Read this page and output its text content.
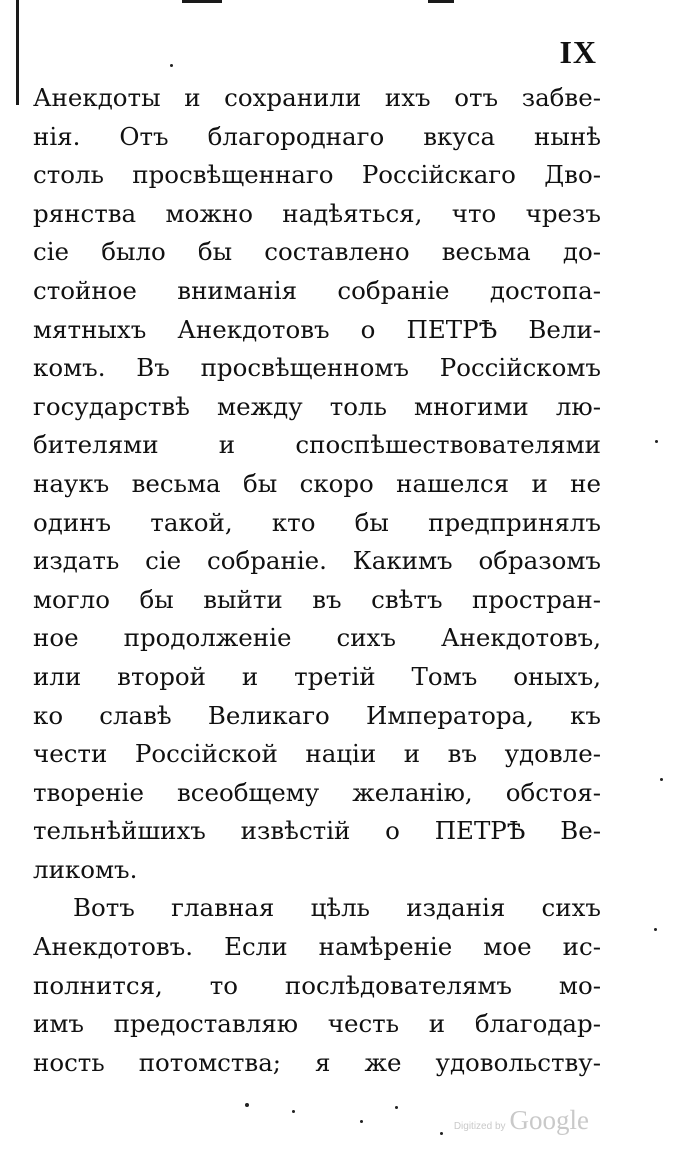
IX
Анекдоты и сохранили ихъ отъ забве-
нія. Отъ благороднаго вкуса нынѣ
столь просвѣщеннаго Россійскаго Дво-
рянства можно надѣяться, что чрезъ
сіе было бы составлено весьма до-
стойное вниманія собраніе достопа-
мятныхъ Анекдотовъ о ПЕТРѢ Вели-
комъ. Въ просвѣщенномъ Россійскомъ
государствѣ между толь многими лю-
бителями и споспѣшествователями
наукъ весьма бы скоро нашелся и не
одинъ такой, кто бы предпринялъ
издать сіе собраніе. Какимъ образомъ
могло бы выйти въ свѣтъ простран-
ное продолженіе сихъ Анекдотовъ,
или второй и третій Томъ оныхъ,
ко славѣ Великаго Императора, къ
чести Россійской націи и въ удовле-
твореніе всеобщему желанію, обстоя-
тельнѣйшихъ извѣстій о ПЕТРѢ Ве-
ликомъ.
Вотъ главная цѣль изданія сихъ
Анекдотовъ. Если намѣреніе мое ис-
полнится, то послѣдователямъ мо-
имъ предоставляю честь и благодар-
ность потомства; я же удовольству-
Digitized by Google
